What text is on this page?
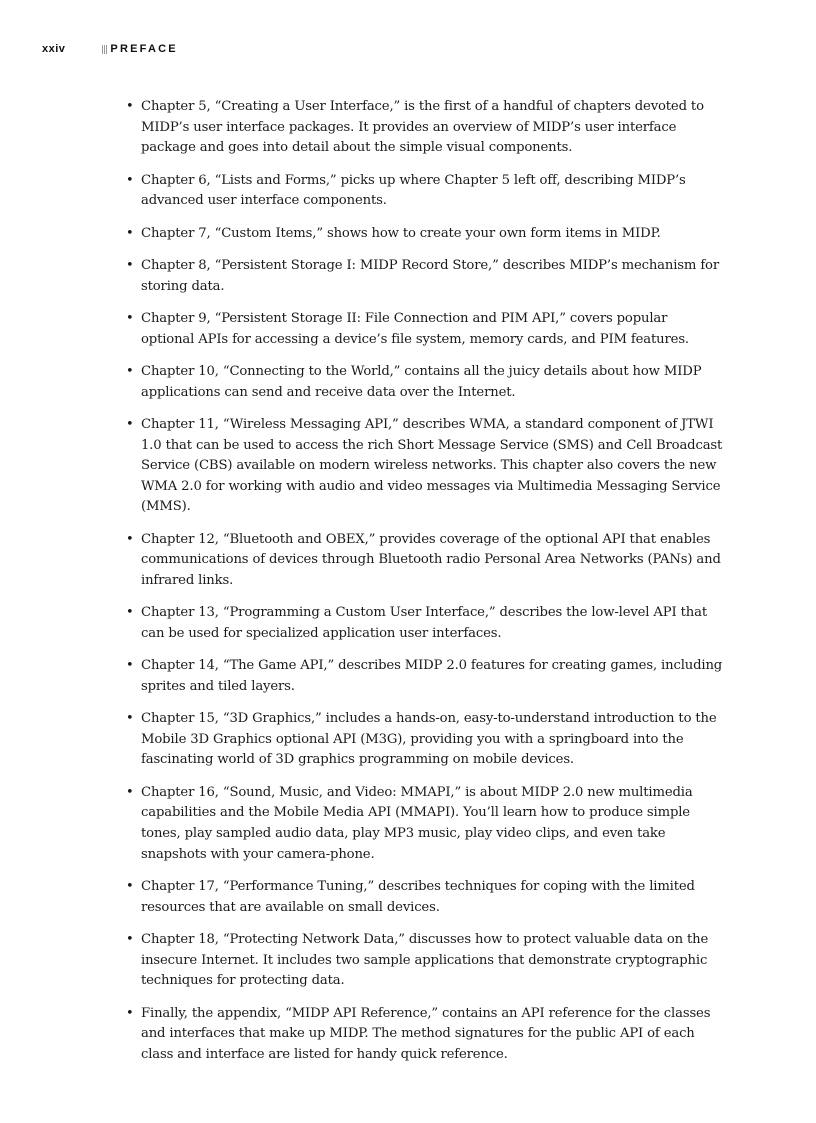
xxiv	PREFACE
• Chapter 5, “Creating a User Interface,” is the first of a handful of chapters devoted to MIDP’s user interface packages. It provides an overview of MIDP’s user interface package and goes into detail about the simple visual components.
• Chapter 6, “Lists and Forms,” picks up where Chapter 5 left off, describing MIDP’s advanced user interface components.
• Chapter 7, “Custom Items,” shows how to create your own form items in MIDP.
• Chapter 8, “Persistent Storage I: MIDP Record Store,” describes MIDP’s mechanism for storing data.
• Chapter 9, “Persistent Storage II: File Connection and PIM API,” covers popular optional APIs for accessing a device’s file system, memory cards, and PIM features.
• Chapter 10, “Connecting to the World,” contains all the juicy details about how MIDP applications can send and receive data over the Internet.
• Chapter 11, “Wireless Messaging API,” describes WMA, a standard component of JTWI 1.0 that can be used to access the rich Short Message Service (SMS) and Cell Broadcast Service (CBS) available on modern wireless networks. This chapter also covers the new WMA 2.0 for working with audio and video messages via Multimedia Messaging Service (MMS).
• Chapter 12, “Bluetooth and OBEX,” provides coverage of the optional API that enables communications of devices through Bluetooth radio Personal Area Networks (PANs) and infrared links.
• Chapter 13, “Programming a Custom User Interface,” describes the low-level API that can be used for specialized application user interfaces.
• Chapter 14, “The Game API,” describes MIDP 2.0 features for creating games, including sprites and tiled layers.
• Chapter 15, “3D Graphics,” includes a hands-on, easy-to-understand introduction to the Mobile 3D Graphics optional API (M3G), providing you with a springboard into the fascinating world of 3D graphics programming on mobile devices.
• Chapter 16, “Sound, Music, and Video: MMAPI,” is about MIDP 2.0 new multimedia capabilities and the Mobile Media API (MMAPI). You’ll learn how to produce simple tones, play sampled audio data, play MP3 music, play video clips, and even take snapshots with your camera-phone.
• Chapter 17, “Performance Tuning,” describes techniques for coping with the limited resources that are available on small devices.
• Chapter 18, “Protecting Network Data,” discusses how to protect valuable data on the insecure Internet. It includes two sample applications that demonstrate cryptographic techniques for protecting data.
• Finally, the appendix, “MIDP API Reference,” contains an API reference for the classes and interfaces that make up MIDP. The method signatures for the public API of each class and interface are listed for handy quick reference.
